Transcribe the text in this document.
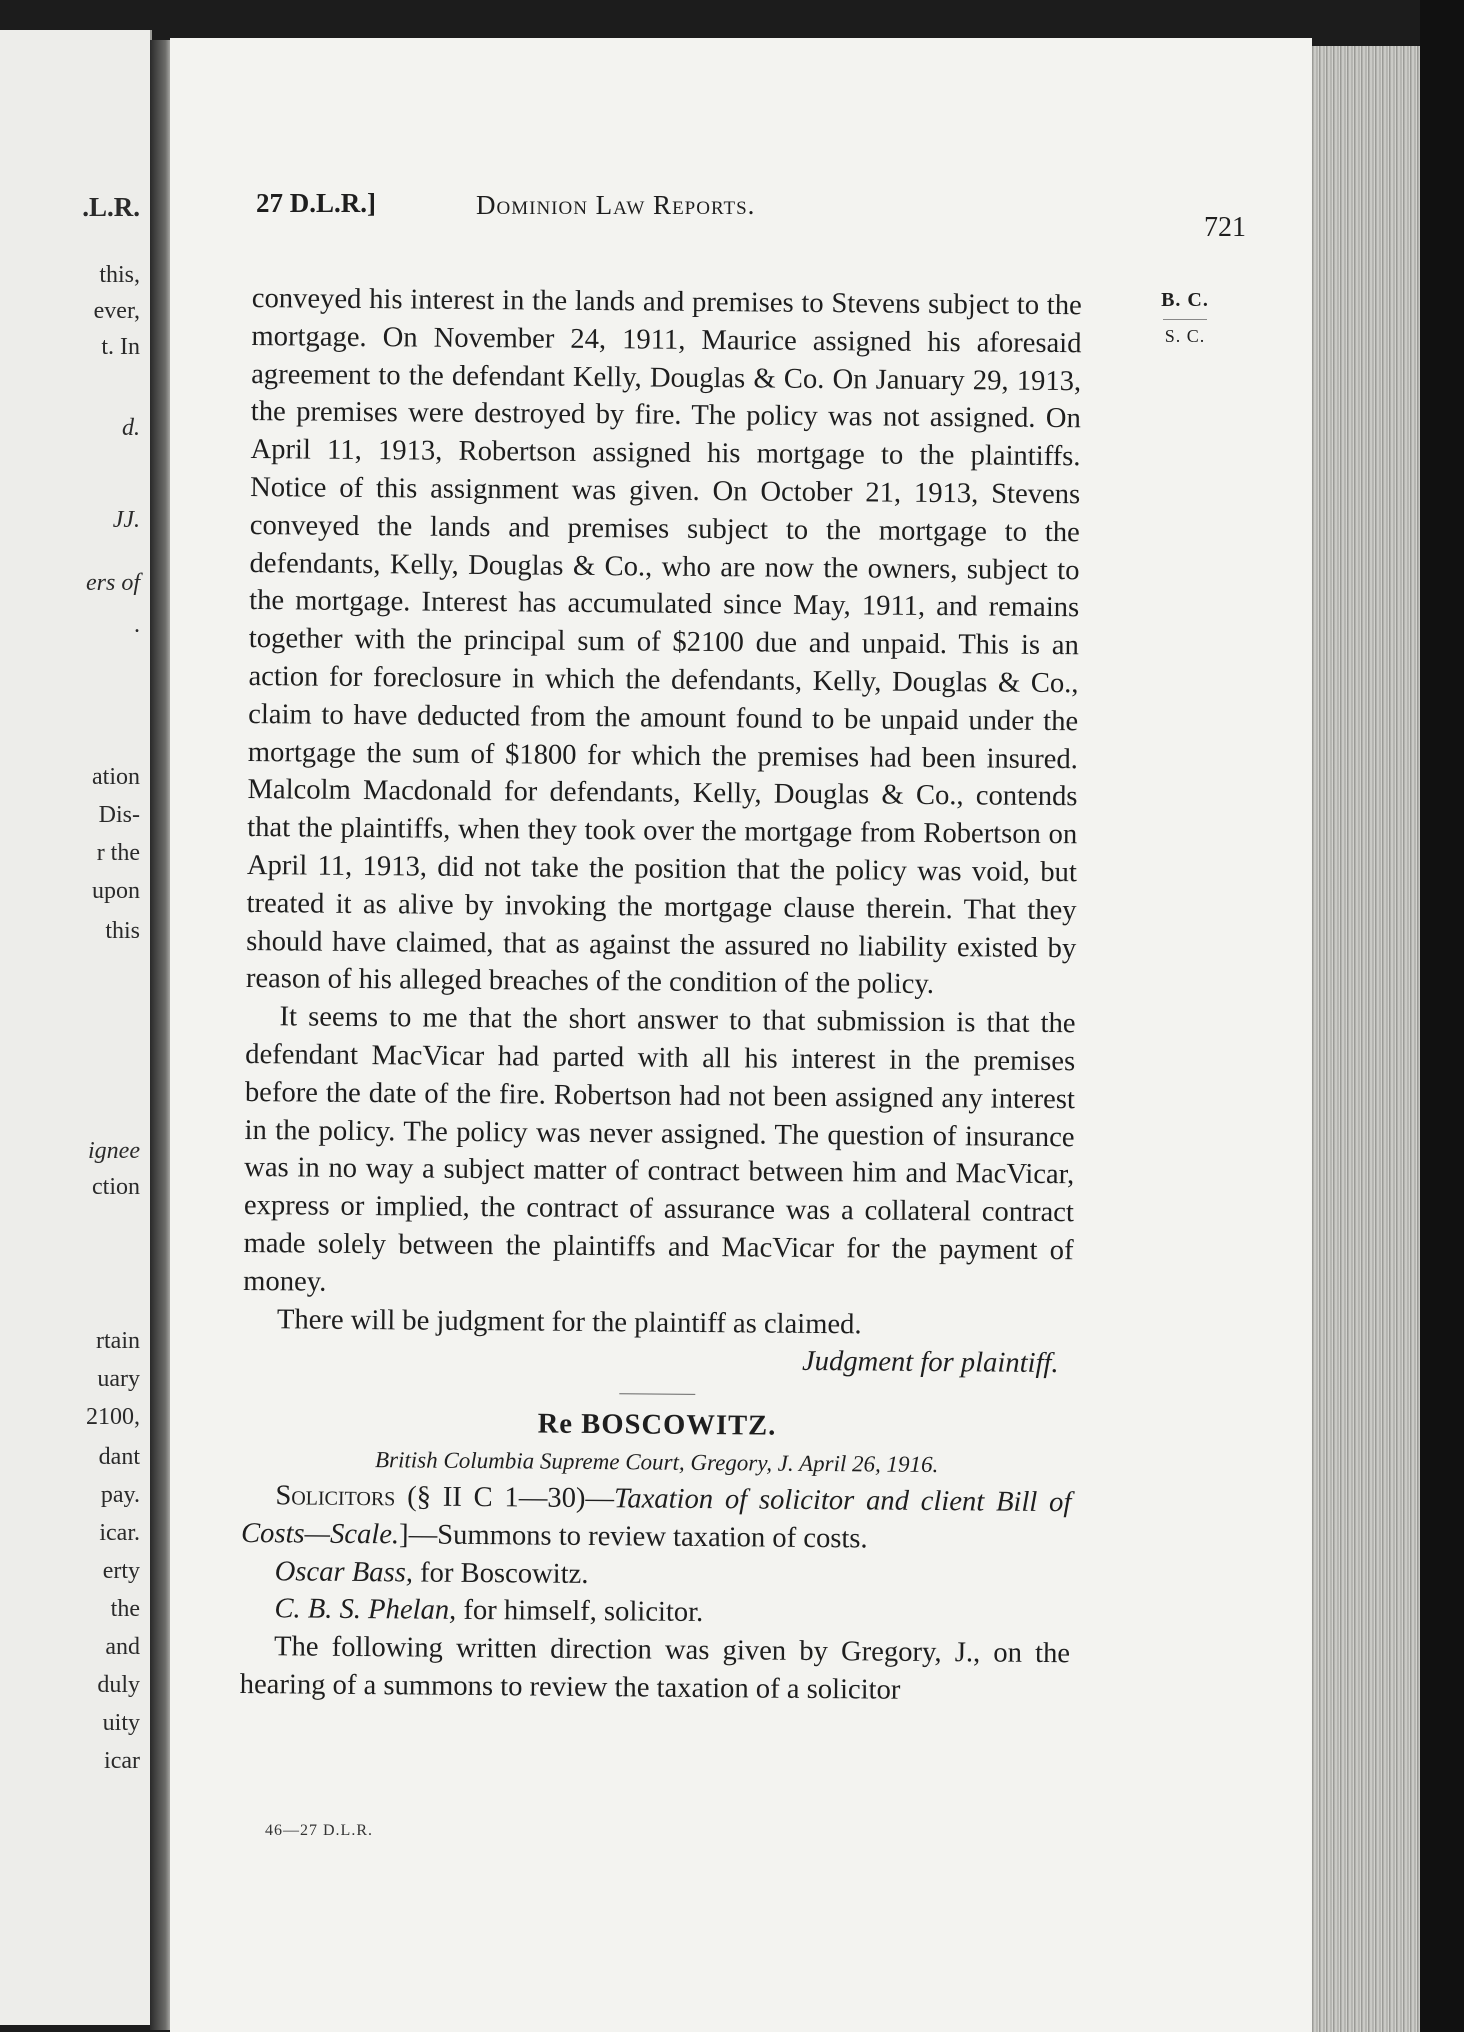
.L.R.
this,
ever,
t. In
d.
JJ.
ers of
.
ation
Dis-
r the
upon
this
ignee
ction
rtain
uary
2100,
dant
pay.
icar.
erty
the
and
duly
uity
icar
27 D.L.R.]	Dominion Law Reports.
721
B. C.
S. C.

conveyed his interest in the lands and premises to Stevens subject to the mortgage. On November 24, 1911, Maurice assigned his aforesaid agreement to the defendant Kelly, Douglas & Co. On January 29, 1913, the premises were destroyed by fire. The policy was not assigned. On April 11, 1913, Robertson assigned his mortgage to the plaintiffs. Notice of this assignment was given. On October 21, 1913, Stevens conveyed the lands and premises subject to the mortgage to the defendants, Kelly, Douglas & Co., who are now the owners, subject to the mortgage. Interest has accumulated since May, 1911, and remains together with the principal sum of $2100 due and unpaid. This is an action for foreclosure in which the defendants, Kelly, Douglas & Co., claim to have deducted from the amount found to be unpaid under the mortgage the sum of $1800 for which the premises had been insured. Malcolm Macdonald for defendants, Kelly, Douglas & Co., contends that the plaintiffs, when they took over the mortgage from Robertson on April 11, 1913, did not take the position that the policy was void, but treated it as alive by invoking the mortgage clause therein. That they should have claimed, that as against the assured no liability existed by reason of his alleged breaches of the condition of the policy.

It seems to me that the short answer to that submission is that the defendant MacVicar had parted with all his interest in the premises before the date of the fire. Robertson had not been assigned any interest in the policy. The policy was never assigned. The question of insurance was in no way a subject matter of contract between him and MacVicar, express or implied, the contract of assurance was a collateral contract made solely between the plaintiffs and MacVicar for the payment of money.

There will be judgment for the plaintiff as claimed.

Judgment for plaintiff.

Re BOSCOWITZ.

British Columbia Supreme Court, Gregory, J. April 26, 1916.

Solicitors (§ II C 1—30)—Taxation of solicitor and client Bill of Costs—Scale.]—Summons to review taxation of costs.

Oscar Bass, for Boscowitz.

C. B. S. Phelan, for himself, solicitor.

The following written direction was given by Gregory, J., on the hearing of a summons to review the taxation of a solicitor

46—27 D.L.R.
